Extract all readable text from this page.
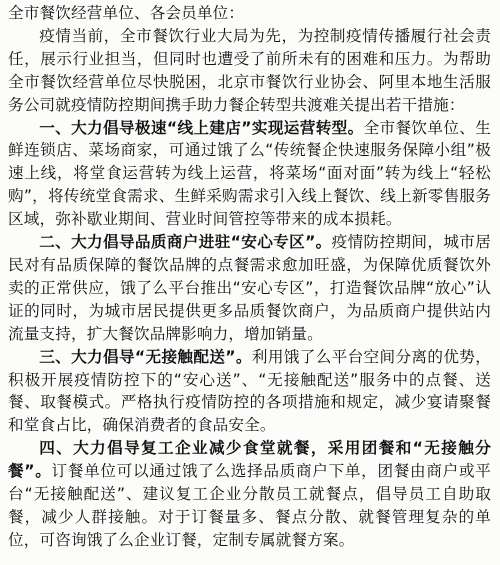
全市餐饮经营单位、各会员单位：

疫情当前，全市餐饮行业大局为先，为控制疫情传播履行社会责任，展示行业担当，但同时也遭受了前所未有的困难和压力。为帮助全市餐饮经营单位尽快脱困，北京市餐饮行业协会、阿里本地生活服务公司就疫情防控期间携手助力餐企转型共渡难关提出若干措施：

一、大力倡导极速“线上建店”实现运营转型。全市餐饮单位、生鲜连锁店、菜场商家，可通过饿了么“传统餐企快速服务保障小组”极速上线，将堂食运营转为线上运营，将菜场“面对面”转为线上“轻松购”，将传统堂食需求、生鲜采购需求引入线上餐饮、线上新零售服务区域，弥补歇业期间、营业时间管控等带来的成本损耗。

二、大力倡导品质商户进驻“安心专区”。疫情防控期间，城市居民对有品质保障的餐饮品牌的点餐需求愈加旺盛，为保障优质餐饮外卖的正常供应，饿了么平台推出“安心专区”，打造餐饮品牌“放心”认证的同时，为城市居民提供更多品质餐饮商户，为品质商户提供站内流量支持，扩大餐饮品牌影响力，增加销量。

三、大力倡导“无接触配送”。利用饿了么平台空间分离的优势，积极开展疫情防控下的“安心送”、“无接触配送”服务中的点餐、送餐、取餐模式。严格执行疫情防控的各项措施和规定，减少宴请聚餐和堂食占比，确保消费者的食品安全。

四、大力倡导复工企业减少食堂就餐，采用团餐和“无接触分餐”。订餐单位可以通过饿了么选择品质商户下单，团餐由商户或平台“无接触配送”、建议复工企业分散员工就餐点，倡导员工自助取餐，减少人群接触。对于订餐量多、餐点分散、就餐管理复杂的单位，可咨询饿了么企业订餐，定制专属就餐方案。
